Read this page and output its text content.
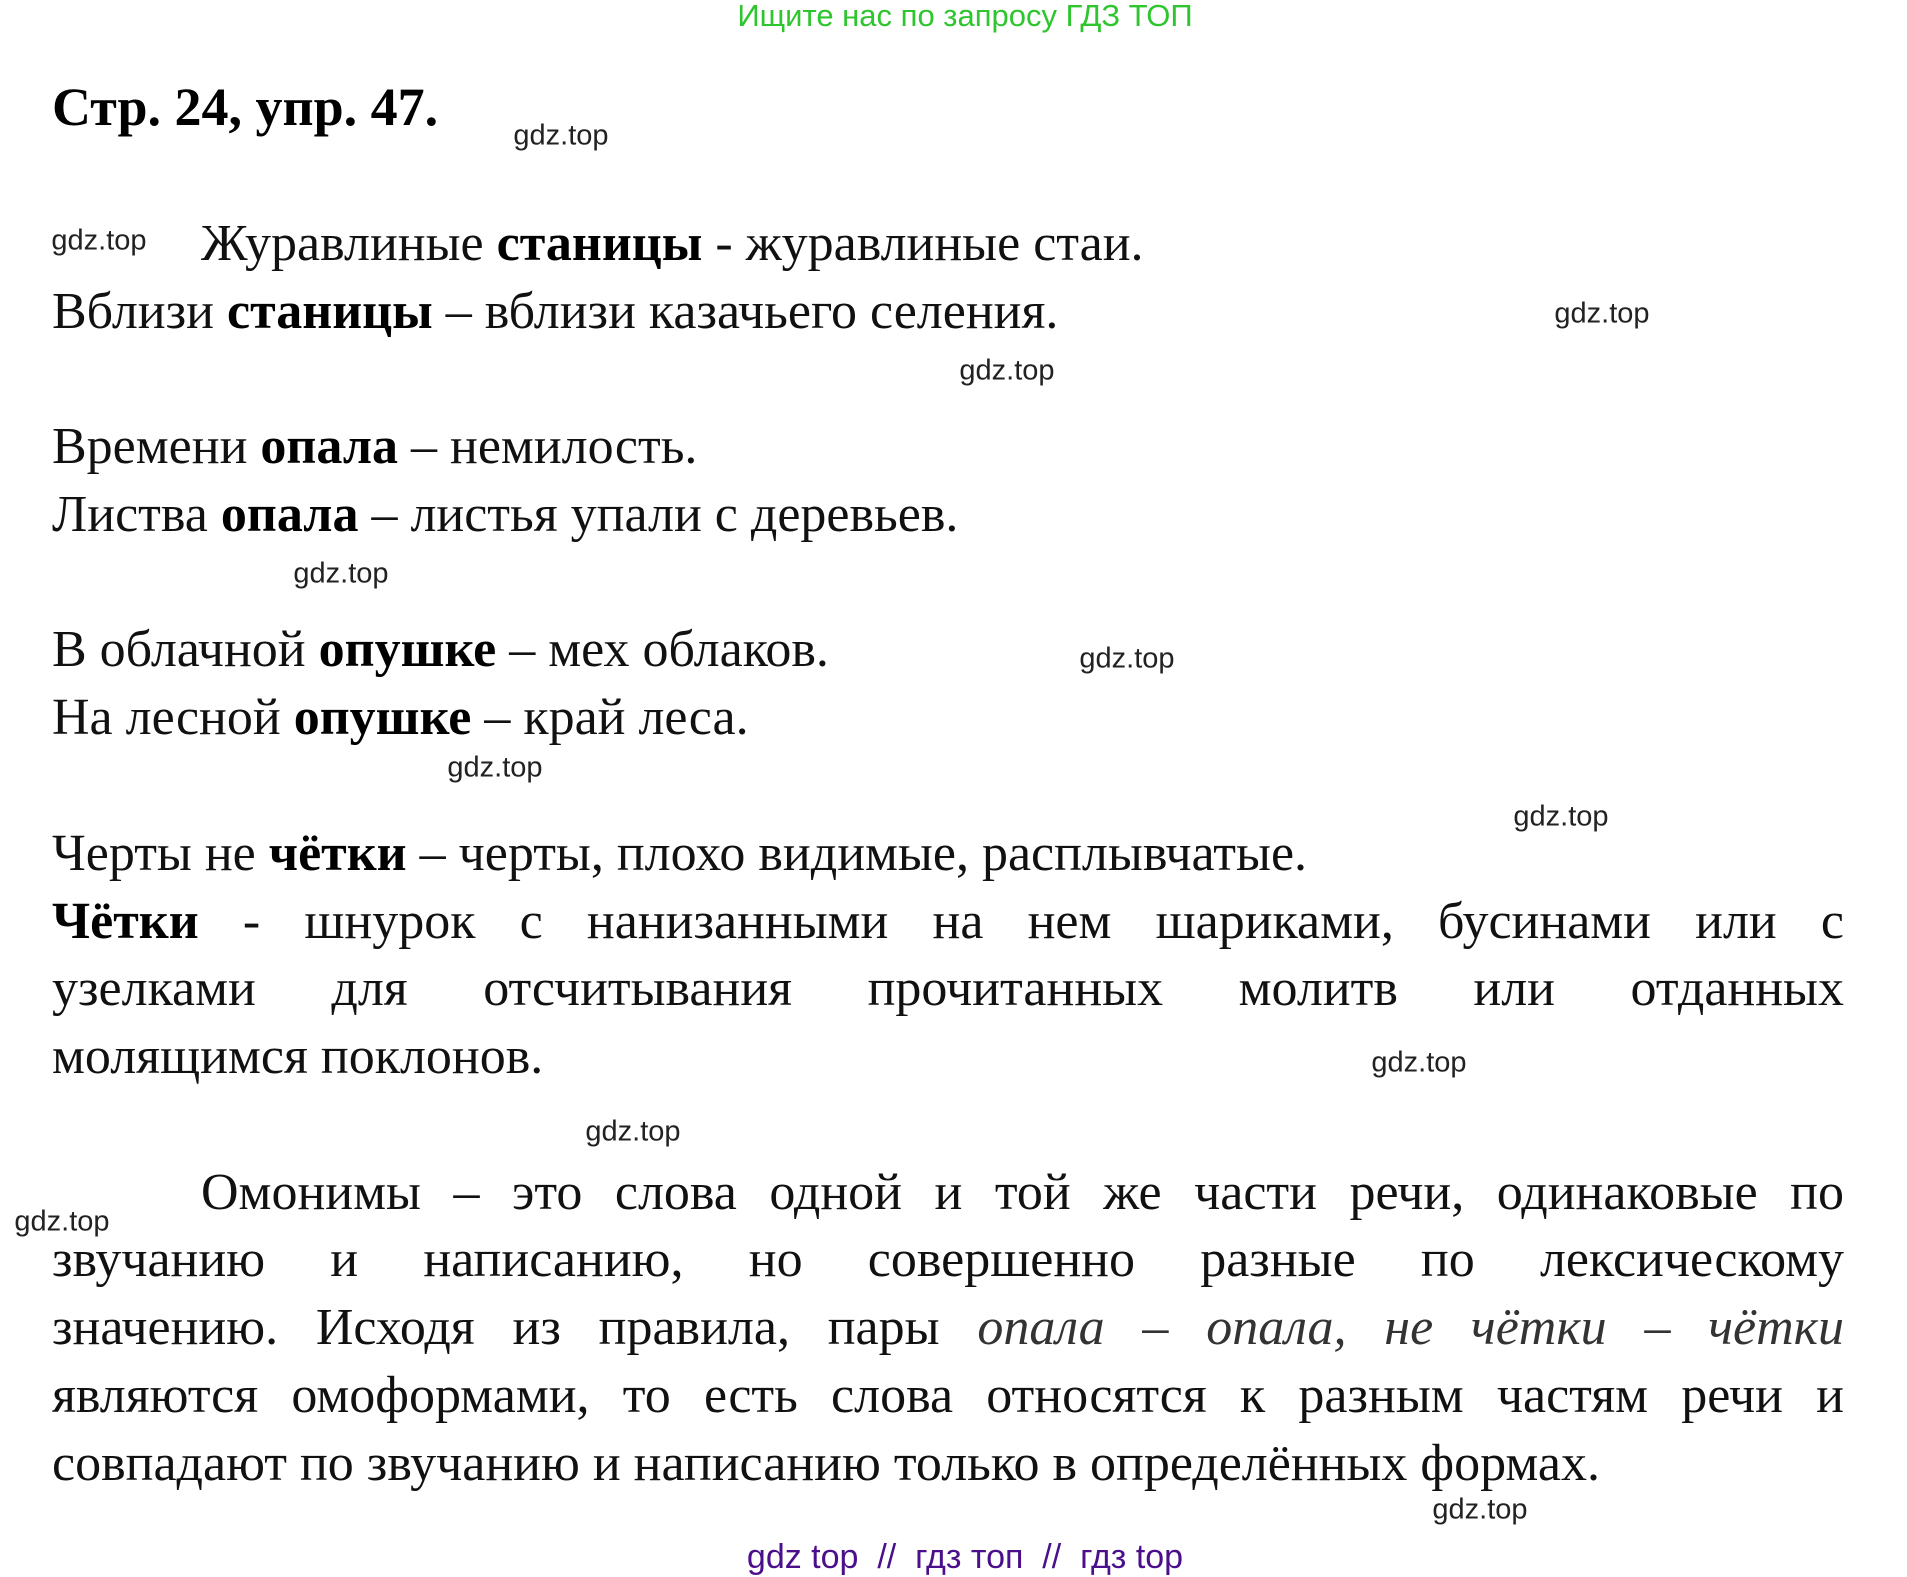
Ищите нас по запросу ГДЗ ТОП
Стр. 24, упр. 47.
Журавлиные станицы - журавлиные стаи.
Вблизи станицы – вблизи казачьего селения.
Времени опала – немилость.
Листва опала – листья упали с деревьев.
В облачной опушке – мех облаков.
На лесной опушке – край леса.
Черты не чётки – черты, плохо видимые, расплывчатые.
Чётки - шнурок с нанизанными на нем шариками, бусинами или с
узелками для отсчитывания прочитанных молитв или отданных
молящимся поклонов.
Омонимы – это слова одной и той же части речи, одинаковые по
звучанию и написанию, но совершенно разные по лексическому
значению. Исходя из правила, пары опала – опала, не чётки – чётки
являются омоформами, то есть слова относятся к разным частям речи и
совпадают по звучанию и написанию только в определённых формах.
gdz.top
gdz.top
gdz.top
gdz.top
gdz.top
gdz.top
gdz.top
gdz.top
gdz.top
gdz.top
gdz.top
gdz.top
gdz top  //  гдз топ  //  гдз top
